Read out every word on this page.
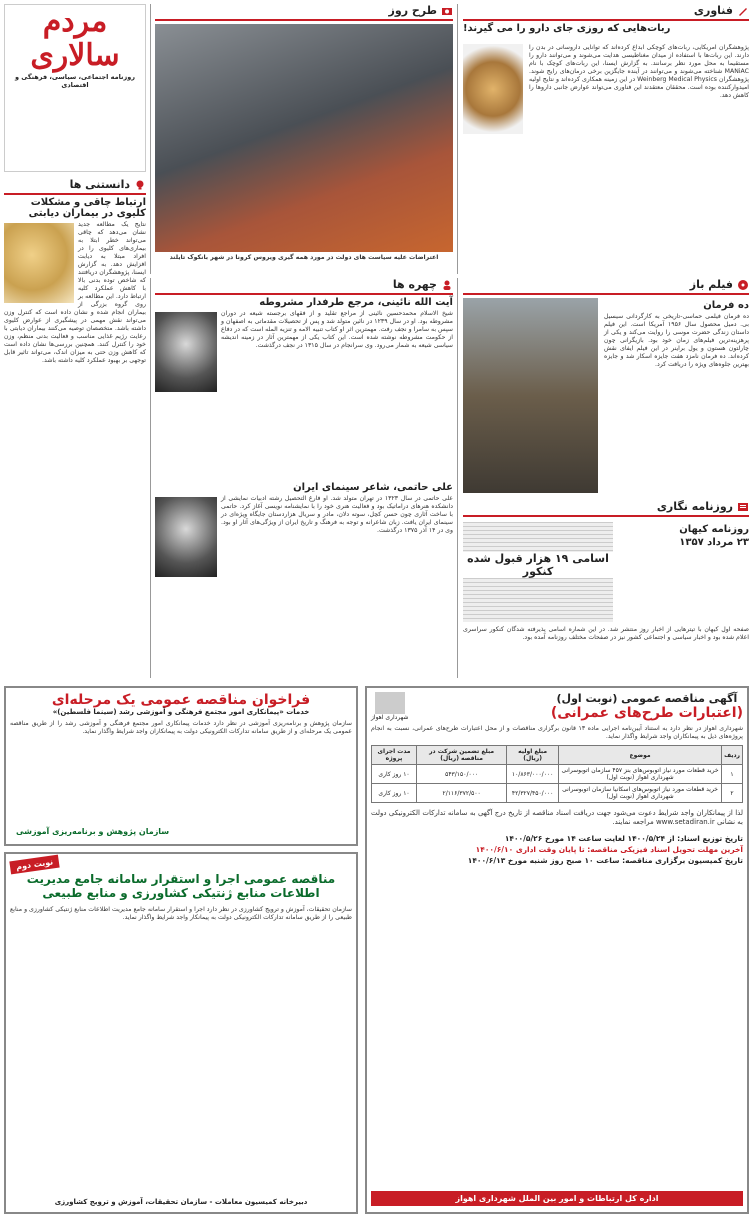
فناوری
ربات‌هایی که روزی جای دارو را می گیرند!
پژوهشگران آمریکایی، ربات‌های کوچکی ابداع کرده‌اند که توانایی داروسانی در بدن را دارند. این ربات‌ها با استفاده از میدان مغناطیسی هدایت می‌شوند و می‌توانند دارو را مستقیما به محل مورد نظر برسانند. به گزارش ایسنا، این ربات‌های کوچک با نام MANiAC شناخته می‌شوند و می‌توانند در آینده جایگزین برخی درمان‌های رایج شوند. پژوهشگران Weinberg Medical Physics در این زمینه همکاری کرده‌اند و نتایج اولیه امیدوارکننده بوده است. محققان معتقدند این فناوری می‌تواند عوارض جانبی داروها را کاهش دهد.
طرح روز
اعتراضات علیه سیاست های دولت در مورد همه گیری ویروس کرونا در شهر بانکوک تایلند
مردم سالاری
روزنامه اجتماعی، سیاسی، فرهنگی و اقتصادی
دانستنی ها
ارتباط چاقی و مشکلات کلیوی در بیماران دیابتی
نتایج یک مطالعه جدید نشان می‌دهد که چاقی می‌تواند خطر ابتلا به بیماری‌های کلیوی را در افراد مبتلا به دیابت افزایش دهد. به گزارش ایسنا، پژوهشگران دریافتند که شاخص توده بدنی بالا با کاهش عملکرد کلیه ارتباط دارد. این مطالعه بر روی گروه بزرگی از بیماران انجام شده و نشان داده است که کنترل وزن می‌تواند نقش مهمی در پیشگیری از عوارض کلیوی داشته باشد. متخصصان توصیه می‌کنند بیماران دیابتی با رعایت رژیم غذایی مناسب و فعالیت بدنی منظم، وزن خود را کنترل کنند. همچنین بررسی‌ها نشان داده است که کاهش وزن حتی به میزان اندک، می‌تواند تاثیر قابل توجهی بر بهبود عملکرد کلیه داشته باشد.
چهره ها
آیت الله نائینی، مرجع طرفدار مشروطه
شیخ الاسلام محمدحسین نائینی از مراجع تقلید و از فقهای برجسته شیعه در دوران مشروطه بود. او در سال ۱۲۳۹ در نائین متولد شد و پس از تحصیلات مقدماتی به اصفهان و سپس به سامرا و نجف رفت. مهمترین اثر او کتاب تنبیه الامه و تنزیه المله است که در دفاع از حکومت مشروطه نوشته شده است. این کتاب یکی از مهمترین آثار در زمینه اندیشه سیاسی شیعه به شمار می‌رود. وی سرانجام در سال ۱۳۱۵ در نجف درگذشت.
علی حاتمی، شاعر سینمای ایران
علی حاتمی در سال ۱۳۲۳ در تهران متولد شد. او فارغ التحصیل رشته ادبیات نمایشی از دانشکده هنرهای دراماتیک بود و فعالیت هنری خود را با نمایشنامه نویسی آغاز کرد. حاتمی با ساخت آثاری چون حسن کچل، سوته دلان، مادر و سریال هزاردستان جایگاه ویژه‌ای در سینمای ایران یافت. زبان شاعرانه و توجه به فرهنگ و تاریخ ایران از ویژگی‌های آثار او بود. وی در ۱۴ آذر ۱۳۷۵ درگذشت.
فیلم باز
ده فرمان
ده فرمان فیلمی حماسی-تاریخی به کارگردانی سیسیل بی. دمیل محصول سال ۱۹۵۶ آمریکا است. این فیلم داستان زندگی حضرت موسی را روایت می‌کند و یکی از پرهزینه‌ترین فیلم‌های زمان خود بود. بازیگرانی چون چارلتون هستون و یول براینر در این فیلم ایفای نقش کرده‌اند. ده فرمان نامزد هفت جایزه اسکار شد و جایزه بهترین جلوه‌های ویژه را دریافت کرد.
روزنامه نگاری
اسامی ۱۹ هزار قبول شده کنکور
روزنامه کیهان
۲۳ مرداد ۱۳۵۷
صفحه اول کیهان با تیترهایی از اخبار روز منتشر شد. در این شماره اسامی پذیرفته شدگان کنکور سراسری اعلام شده بود و اخبار سیاسی و اجتماعی کشور نیز در صفحات مختلف روزنامه آمده بود.
فراخوان مناقصه عمومی یک مرحله‌ای
خدمات «پیمانکاری امور مجتمع فرهنگی و آموزشی رشد (سینما فلسطین)»
سازمان پژوهش و برنامه‌ریزی آموزشی در نظر دارد خدمات پیمانکاری امور مجتمع فرهنگی و آموزشی رشد را از طریق مناقصه عمومی یک مرحله‌ای و از طریق سامانه تدارکات الکترونیکی دولت به پیمانکاران واجد شرایط واگذار نماید.
سازمان پژوهش و برنامه‌ریزی آموزشی
نوبت دوم
مناقصه عمومی اجرا و استقرار سامانه جامع مدیریت اطلاعات منابع ژنتیکی کشاورزی و منابع طبیعی
سازمان تحقیقات، آموزش و ترویج کشاورزی در نظر دارد اجرا و استقرار سامانه جامع مدیریت اطلاعات منابع ژنتیکی کشاورزی و منابع طبیعی را از طریق سامانه تدارکات الکترونیکی دولت به پیمانکار واجد شرایط واگذار نماید.
دبیرخانه کمیسیون معاملات - سازمان تحقیقات، آموزش و ترویج کشاورزی
آگهی مناقصه عمومی (نوبت اول)
(اعتبارات طرح‌های عمرانی)
شهرداری اهواز
شهرداری اهواز در نظر دارد به استناد آیین‌نامه اجرایی ماده ۱۳ قانون برگزاری مناقصات و از محل اعتبارات طرح‌های عمرانی، نسبت به انجام پروژه‌های ذیل به پیمانکاران واجد شرایط واگذار نماید.
ردیف	موضوع	مبلغ اولیه (ریال)	مبلغ تضمین شرکت در مناقصه (ریال)	مدت اجرای پروژه
۱	خرید قطعات مورد نیاز اتوبوس‌های بنز ۴۵۷ سازمان اتوبوسرانی شهرداری اهواز (نوبت اول)	۱۰/۸۶۳/۰۰۰/۰۰۰	۵۴۳/۱۵۰/۰۰۰	۱۰ روز کاری
۲	خرید قطعات مورد نیاز اتوبوس‌های اسکانیا سازمان اتوبوسرانی شهرداری اهواز (نوبت اول)	۴۲/۳۲۷/۴۵۰/۰۰۰	۲/۱۱۶/۳۷۲/۵۰۰	۱۰ روز کاری
لذا از پیمانکاران واجد شرایط دعوت می‌شود جهت دریافت اسناد مناقصه از تاریخ درج آگهی به سامانه تدارکات الکترونیکی دولت به نشانی www.setadiran.ir مراجعه نمایند.
تاریخ توزیع اسناد: از ۱۴۰۰/۵/۲۴ لغایت ساعت ۱۴ مورخ ۱۴۰۰/۵/۲۶
آخرین مهلت تحویل اسناد فیزیکی مناقصه: تا پایان وقت اداری ۱۴۰۰/۶/۱۰
تاریخ کمیسیون برگزاری مناقصه: ساعت ۱۰ صبح روز شنبه مورخ ۱۴۰۰/۶/۱۳
اداره کل ارتباطات و امور بین الملل شهرداری اهواز
